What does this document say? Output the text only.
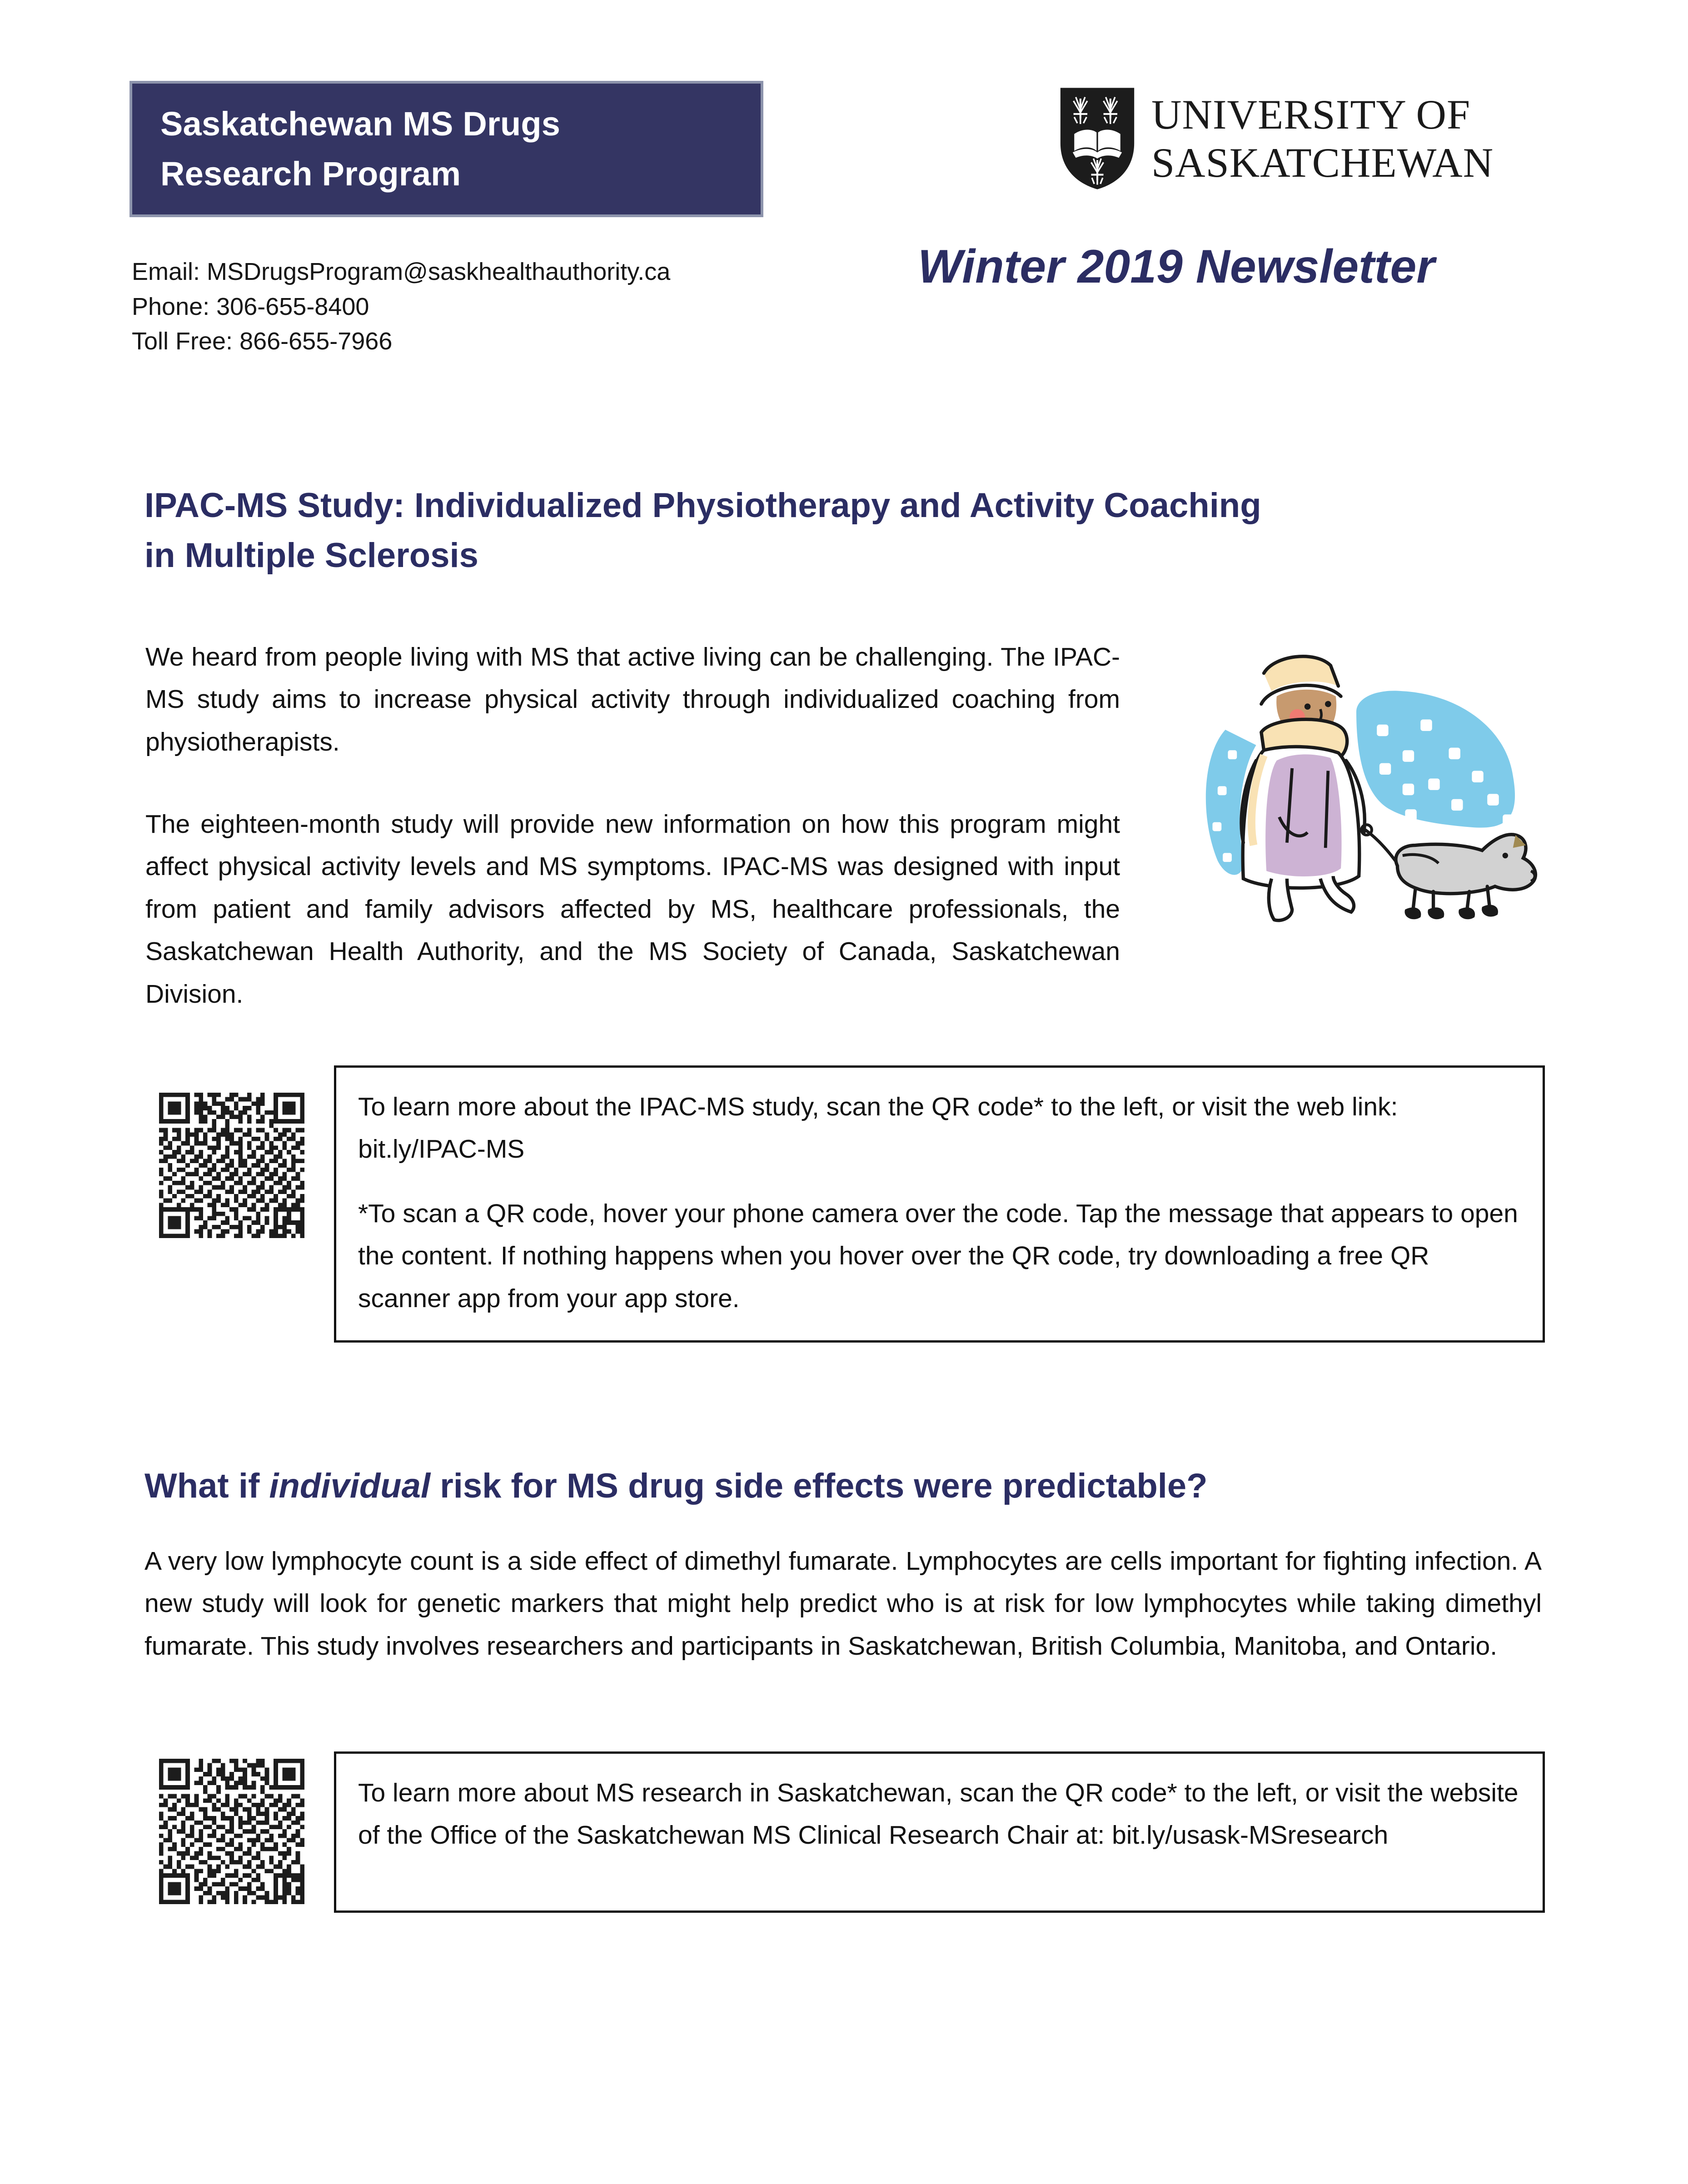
Saskatchewan MS Drugs
Research Program
Email: MSDrugsProgram@saskhealthauthority.ca
Phone: 306-655-8400
Toll Free: 866-655-7966
UNIVERSITY OF
SASKATCHEWAN
Winter 2019 Newsletter
IPAC-MS Study: Individualized Physiotherapy and Activity Coaching in Multiple Sclerosis
We heard from people living with MS that active living can be challenging. The IPAC-MS study aims to increase physical activity through individualized coaching from physiotherapists.
The eighteen-month study will provide new information on how this program might affect physical activity levels and MS symptoms. IPAC-MS was designed with input from patient and family advisors affected by MS, healthcare professionals, the Saskatchewan Health Authority, and the MS Society of Canada, Saskatchewan Division.

To learn more about the IPAC-MS study, scan the QR code* to the left, or visit the web link: bit.ly/IPAC-MS

*To scan a QR code, hover your phone camera over the code. Tap the message that appears to open the content. If nothing happens when you hover over the QR code, try downloading a free QR scanner app from your app store.

What if individual risk for MS drug side effects were predictable?
A very low lymphocyte count is a side effect of dimethyl fumarate. Lymphocytes are cells important for fighting infection. A new study will look for genetic markers that might help predict who is at risk for low lymphocytes while taking dimethyl fumarate. This study involves researchers and participants in Saskatchewan, British Columbia, Manitoba, and Ontario.

To learn more about MS research in Saskatchewan, scan the QR code* to the left, or visit the website of the Office of the Saskatchewan MS Clinical Research Chair at: bit.ly/usask-MSresearch
